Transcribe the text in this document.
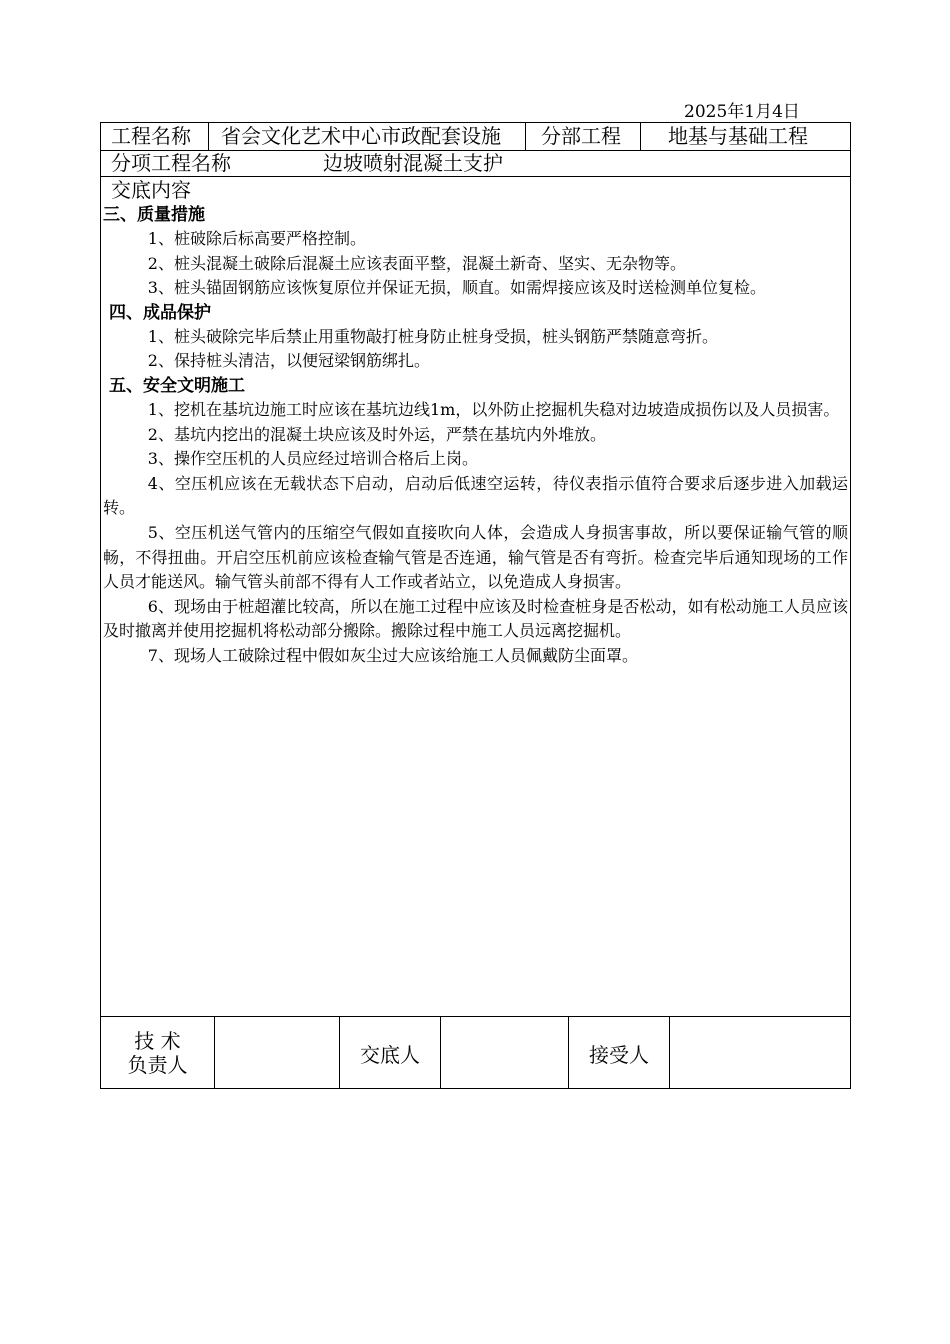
2025年1月4日
工程名称 省会文化艺术中心市政配套设施 分部工程 地基与基础工程
分项工程名称	边坡喷射混凝土支护
交底内容
三、质量措施

1、桩破除后标高要严格控制。

2、桩头混凝土破除后混凝土应该表面平整，混凝土新奇、坚实、无杂物等。

3、桩头锚固钢筋应该恢复原位并保证无损，顺直。如需焊接应该及时送检测单位复检。

四、成品保护

1、桩头破除完毕后禁止用重物敲打桩身防止桩身受损，桩头钢筋严禁随意弯折。

2、保持桩头清洁，以便冠梁钢筋绑扎。

五、安全文明施工

1、挖机在基坑边施工时应该在基坑边线1m，以外防止挖掘机失稳对边坡造成损伤以及人员损害。

2、基坑内挖出的混凝土块应该及时外运，严禁在基坑内外堆放。

3、操作空压机的人员应经过培训合格后上岗。

4、空压机应该在无载状态下启动，启动后低速空运转，待仪表指示值符合要求后逐步进入加载运转。

5、空压机送气管内的压缩空气假如直接吹向人体，会造成人身损害事故，所以要保证输气管的顺畅，不得扭曲。开启空压机前应该检查输气管是否连通，输气管是否有弯折。检查完毕后通知现场的工作人员才能送风。输气管头前部不得有人工作或者站立，以免造成人身损害。

6、现场由于桩超灌比较高，所以在施工过程中应该及时检查桩身是否松动，如有松动施工人员应该及时撤离并使用挖掘机将松动部分搬除。搬除过程中施工人员远离挖掘机。

7、现场人工破除过程中假如灰尘过大应该给施工人员佩戴防尘面罩。

技 术
负责人	交底人	接受人
